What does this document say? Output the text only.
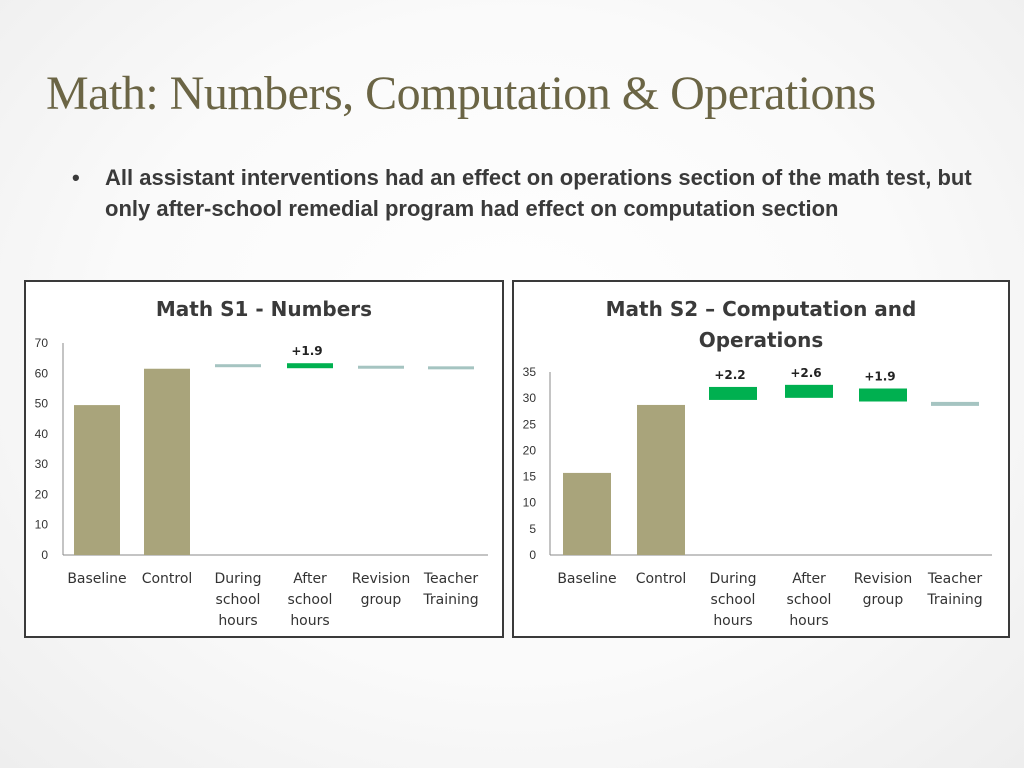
Math: Numbers, Computation & Operations
• All assistant interventions had an effect on operations section of the math test, but only after-school remedial program had effect on computation section
Math S1 - Numbers
0
10
20
30
40
50
60
70
+1.9
Baseline Control During
school
hours
After
school
hours
Revision
group
Teacher
Training
Math S2 – Computation and Operations
0
5
10
15
20
25
30
35	+2.2	+2.6	+1.9
Baseline Control During
school
hours
After
school
hours
Revision
group
Teacher
Training
